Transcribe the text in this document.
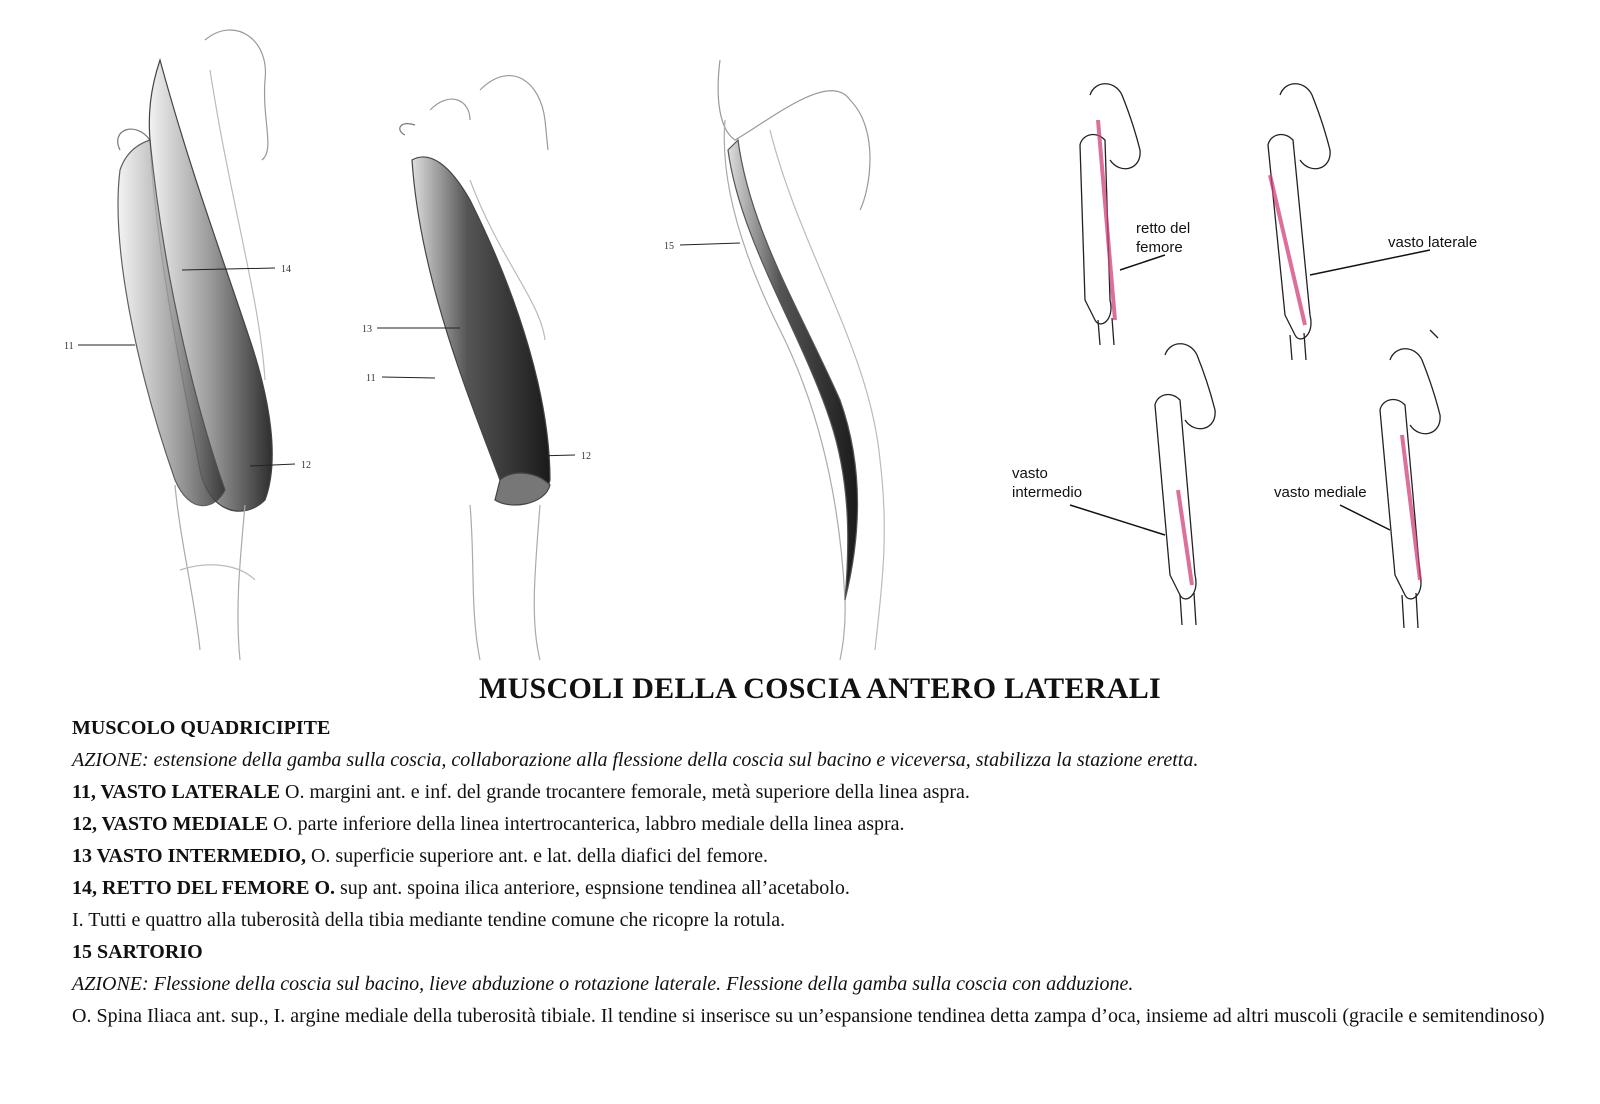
14
11
12
13
11
12
15
retto del
femore	vasto laterale
vasto
intermedio	vasto mediale
MUSCOLI DELLA COSCIA ANTERO LATERALI

MUSCOLO QUADRICIPITE

AZIONE: estensione della gamba sulla coscia, collaborazione alla flessione della coscia sul bacino e viceversa, stabilizza la stazione eretta.

11, VASTO LATERALE O. margini ant. e inf. del grande trocantere femorale, metà superiore della linea aspra.

12, VASTO MEDIALE O. parte inferiore della linea intertrocanterica, labbro mediale della linea aspra.

13 VASTO INTERMEDIO, O. superficie superiore ant. e lat. della diafici del femore.

14, RETTO DEL FEMORE O. sup ant. spoina ilica anteriore, espnsione tendinea all’acetabolo.

I. Tutti e quattro alla tuberosità della tibia mediante tendine comune che ricopre la rotula.

15 SARTORIO

AZIONE: Flessione della coscia sul bacino, lieve abduzione o rotazione laterale. Flessione della gamba sulla coscia con adduzione.

O. Spina Iliaca ant. sup., I. argine mediale della tuberosità tibiale. Il tendine si inserisce su un’espansione tendinea detta zampa d’oca, insieme ad altri muscoli (gracile e semitendinoso)
